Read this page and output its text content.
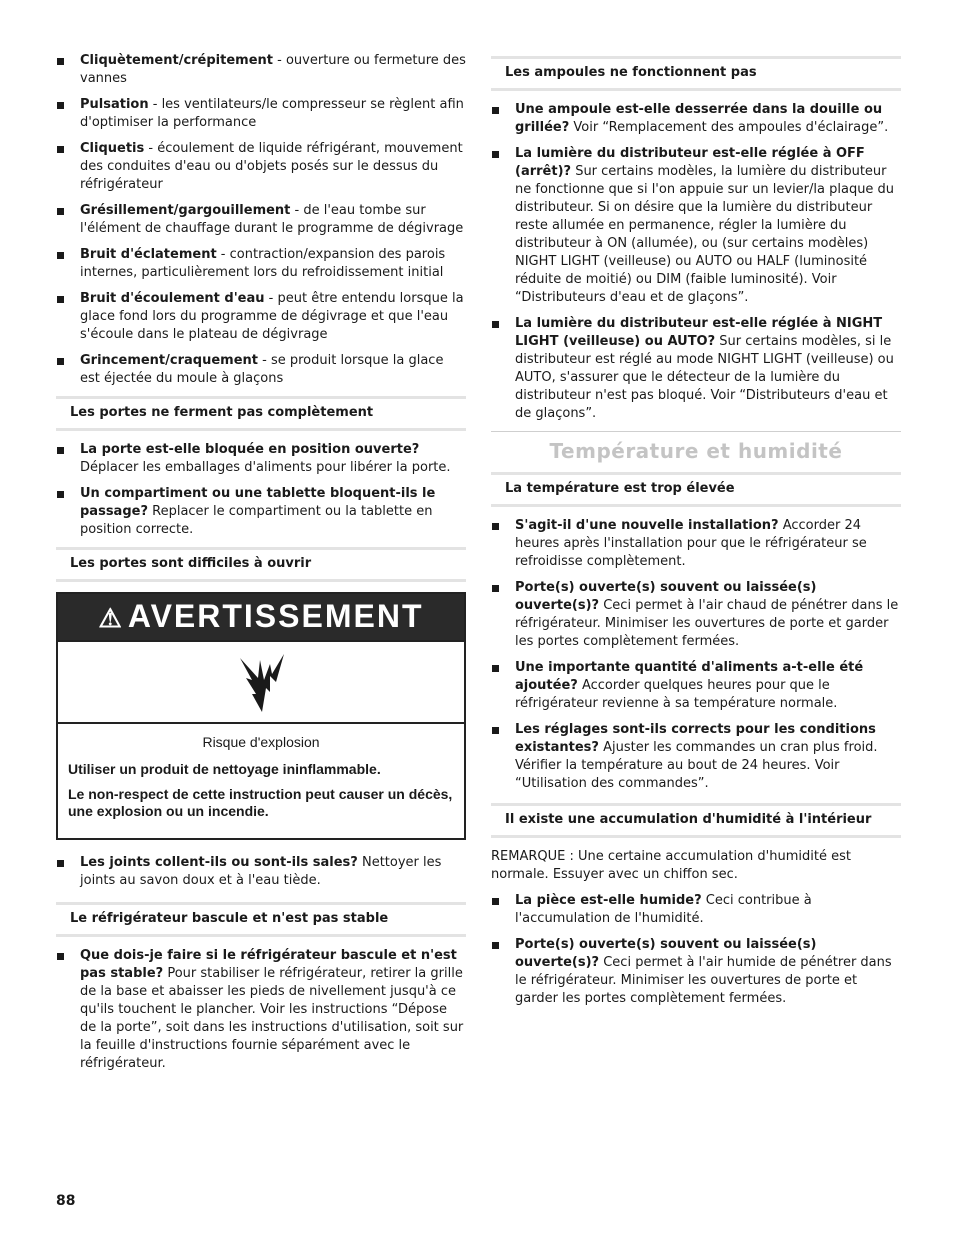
Cliquètement/crépitement - ouverture ou fermeture des vannes
Pulsation - les ventilateurs/le compresseur se règlent afin d'optimiser la performance
Cliquetis - écoulement de liquide réfrigérant, mouvement des conduites d'eau ou d'objets posés sur le dessus du réfrigérateur
Grésillement/gargouillement - de l'eau tombe sur l'élément de chauffage durant le programme de dégivrage
Bruit d'éclatement - contraction/expansion des parois internes, particulièrement lors du refroidissement initial
Bruit d'écoulement d'eau - peut être entendu lorsque la glace fond lors du programme de dégivrage et que l'eau s'écoule dans le plateau de dégivrage
Grincement/craquement - se produit lorsque la glace est éjectée du moule à glaçons
Les portes ne ferment pas complètement
La porte est-elle bloquée en position ouverte? Déplacer les emballages d'aliments pour libérer la porte.
Un compartiment ou une tablette bloquent-ils le passage? Replacer le compartiment ou la tablette en position correcte.
Les portes sont difficiles à ouvrir
⚠ AVERTISSEMENT
Risque d'explosion

Utiliser un produit de nettoyage ininflammable.

Le non-respect de cette instruction peut causer un décès, une explosion ou un incendie.

Les joints collent-ils ou sont-ils sales? Nettoyer les joints au savon doux et à l'eau tiède.
Le réfrigérateur bascule et n'est pas stable
Que dois-je faire si le réfrigérateur bascule et n'est pas stable? Pour stabiliser le réfrigérateur, retirer la grille de la base et abaisser les pieds de nivellement jusqu'à ce qu'ils touchent le plancher. Voir les instructions “Dépose de la porte”, soit dans les instructions d'utilisation, soit sur la feuille d'instructions fournie séparément avec le réfrigérateur.
Les ampoules ne fonctionnent pas
Une ampoule est-elle desserrée dans la douille ou grillée? Voir “Remplacement des ampoules d'éclairage”.
La lumière du distributeur est-elle réglée à OFF (arrêt)? Sur certains modèles, la lumière du distributeur ne fonctionne que si l'on appuie sur un levier/la plaque du distributeur. Si on désire que la lumière du distributeur reste allumée en permanence, régler la lumière du distributeur à ON (allumée), ou (sur certains modèles) NIGHT LIGHT (veilleuse) ou AUTO ou HALF (luminosité réduite de moitié) ou DIM (faible luminosité). Voir “Distributeurs d'eau et de glaçons”.
La lumière du distributeur est-elle réglée à NIGHT LIGHT (veilleuse) ou AUTO? Sur certains modèles, si le distributeur est réglé au mode NIGHT LIGHT (veilleuse) ou AUTO, s'assurer que le détecteur de la lumière du distributeur n'est pas bloqué. Voir “Distributeurs d'eau et de glaçons”.
Température et humidité
La température est trop élevée
S'agit-il d'une nouvelle installation? Accorder 24 heures après l'installation pour que le réfrigérateur se refroidisse complètement.
Porte(s) ouverte(s) souvent ou laissée(s) ouverte(s)? Ceci permet à l'air chaud de pénétrer dans le réfrigérateur. Minimiser les ouvertures de porte et garder les portes complètement fermées.
Une importante quantité d'aliments a-t-elle été ajoutée? Accorder quelques heures pour que le réfrigérateur revienne à sa température normale.
Les réglages sont-ils corrects pour les conditions existantes? Ajuster les commandes un cran plus froid. Vérifier la température au bout de 24 heures. Voir “Utilisation des commandes”.
Il existe une accumulation d'humidité à l'intérieur
REMARQUE : Une certaine accumulation d'humidité est normale. Essuyer avec un chiffon sec.
La pièce est-elle humide? Ceci contribue à l'accumulation de l'humidité.
Porte(s) ouverte(s) souvent ou laissée(s) ouverte(s)? Ceci permet à l'air humide de pénétrer dans le réfrigérateur. Minimiser les ouvertures de porte et garder les portes complètement fermées.
88
